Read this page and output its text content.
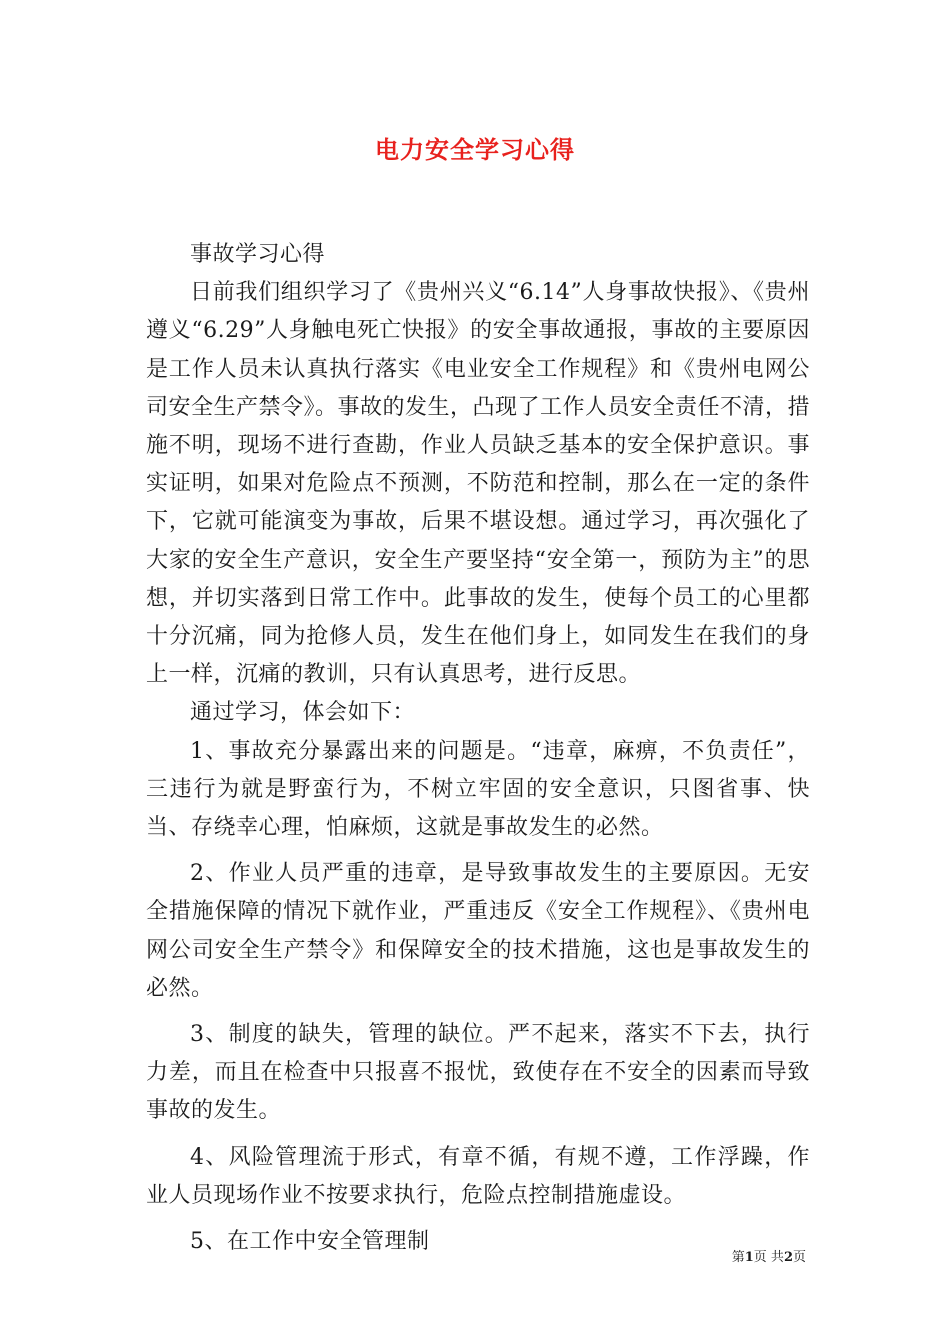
电力安全学习心得

事故学习心得

日前我们组织学习了《贵州兴义“6.14”人身事故快报》、《贵州遵义“6.29”人身触电死亡快报》的安全事故通报，事故的主要原因是工作人员未认真执行落实《电业安全工作规程》和《贵州电网公司安全生产禁令》。事故的发生，凸现了工作人员安全责任不清，措施不明，现场不进行查勘，作业人员缺乏基本的安全保护意识。事实证明，如果对危险点不预测，不防范和控制，那么在一定的条件下，它就可能演变为事故，后果不堪设想。通过学习，再次强化了大家的安全生产意识，安全生产要坚持“安全第一，预防为主”的思想，并切实落到日常工作中。此事故的发生，使每个员工的心里都十分沉痛，同为抢修人员，发生在他们身上，如同发生在我们的身上一样，沉痛的教训，只有认真思考，进行反思。

通过学习，体会如下：

1、事故充分暴露出来的问题是。“违章，麻痹，不负责任”，三违行为就是野蛮行为，不树立牢固的安全意识，只图省事、快当、存绕幸心理，怕麻烦，这就是事故发生的必然。

2、作业人员严重的违章，是导致事故发生的主要原因。无安全措施保障的情况下就作业，严重违反《安全工作规程》、《贵州电网公司安全生产禁令》和保障安全的技术措施，这也是事故发生的必然。

3、制度的缺失，管理的缺位。严不起来，落实不下去，执行力差，而且在检查中只报喜不报忧，致使存在不安全的因素而导致事故的发生。

4、风险管理流于形式，有章不循，有规不遵，工作浮躁，作业人员现场作业不按要求执行，危险点控制措施虚设。

5、在工作中安全管理制

第1页 共2页
